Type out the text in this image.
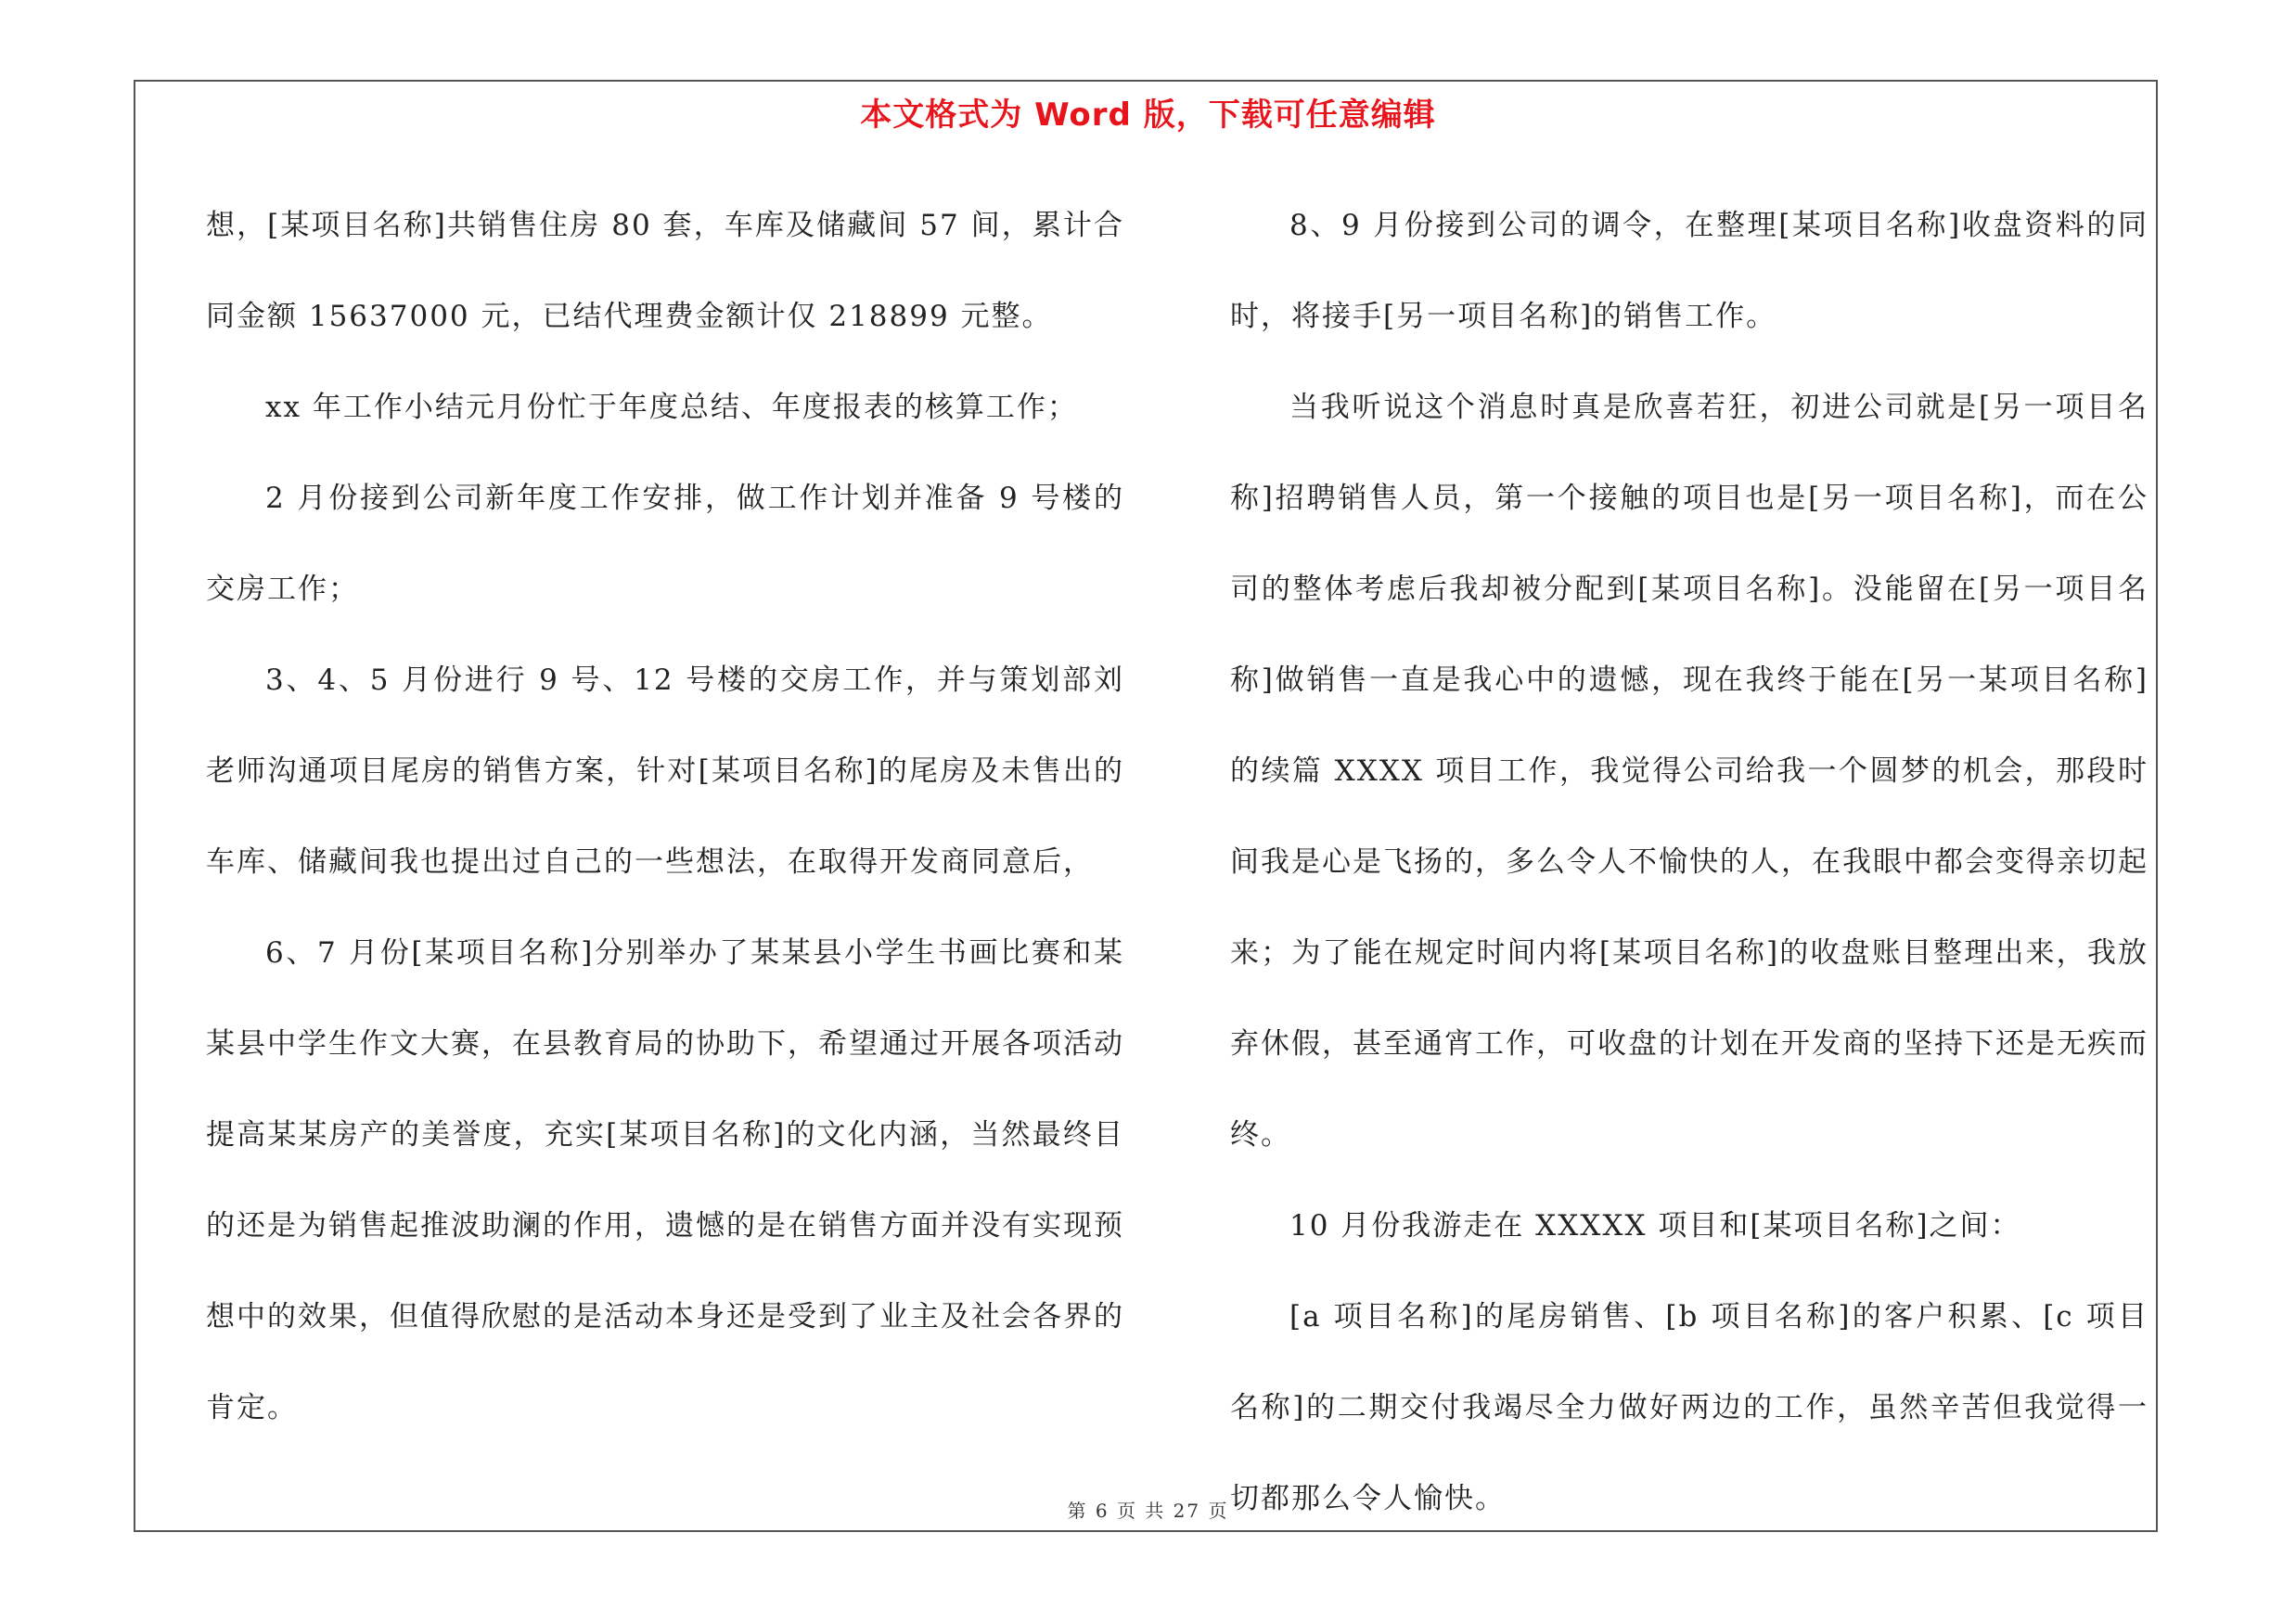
本文格式为 Word 版，下载可任意编辑

想，[某项目名称]共销售住房 80 套，车库及储藏间 57 间，累计合同金额 15637000 元，已结代理费金额计仅 218899 元整。

xx 年工作小结元月份忙于年度总结、年度报表的核算工作；

2 月份接到公司新年度工作安排，做工作计划并准备 9 号楼的交房工作；

3、4、5 月份进行 9 号、12 号楼的交房工作，并与策划部刘老师沟通项目尾房的销售方案，针对[某项目名称]的尾房及未售出的车库、储藏间我也提出过自己的一些想法，在取得开发商同意后，

6、7 月份[某项目名称]分别举办了某某县小学生书画比赛和某某县中学生作文大赛，在县教育局的协助下，希望通过开展各项活动提高某某房产的美誉度，充实[某项目名称]的文化内涵，当然最终目的还是为销售起推波助澜的作用，遗憾的是在销售方面并没有实现预想中的效果，但值得欣慰的是活动本身还是受到了业主及社会各界的肯定。

8、9 月份接到公司的调令，在整理[某项目名称]收盘资料的同时，将接手[另一项目名称]的销售工作。

当我听说这个消息时真是欣喜若狂，初进公司就是[另一项目名称]招聘销售人员，第一个接触的项目也是[另一项目名称]，而在公司的整体考虑后我却被分配到[某项目名称]。没能留在[另一项目名称]做销售一直是我心中的遗憾，现在我终于能在[另一某项目名称]的续篇 XXXX 项目工作，我觉得公司给我一个圆梦的机会，那段时间我是心是飞扬的，多么令人不愉快的人，在我眼中都会变得亲切起来；为了能在规定时间内将[某项目名称]的收盘账目整理出来，我放弃休假，甚至通宵工作，可收盘的计划在开发商的坚持下还是无疾而终。

10 月份我游走在 XXXXX 项目和[某项目名称]之间：

[a 项目名称]的尾房销售、[b 项目名称]的客户积累、[c 项目名称]的二期交付我竭尽全力做好两边的工作，虽然辛苦但我觉得一切都那么令人愉快。

第 6 页 共 27 页
